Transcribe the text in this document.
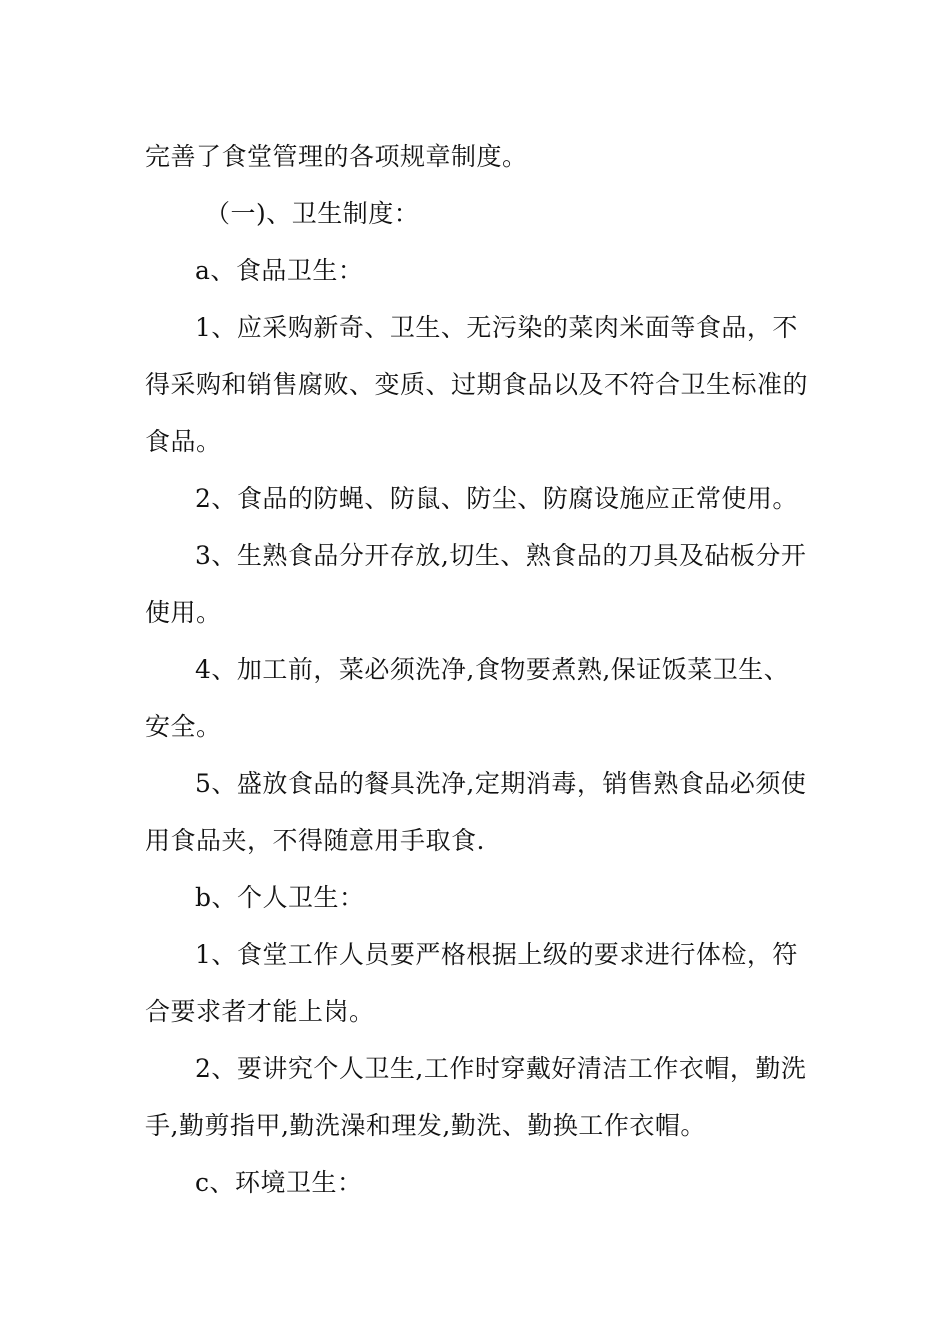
完善了食堂管理的各项规章制度。

（一)、卫生制度：

a、食品卫生：

1、应采购新奇、卫生、无污染的菜肉米面等食品，不得采购和销售腐败、变质、过期食品以及不符合卫生标准的食品。

2、食品的防蝇、防鼠、防尘、防腐设施应正常使用。

3、生熟食品分开存放,切生、熟食品的刀具及砧板分开使用。

4、加工前，菜必须洗净,食物要煮熟,保证饭菜卫生、安全。

5、盛放食品的餐具洗净,定期消毒，销售熟食品必须使用食品夹，不得随意用手取食.

b、个人卫生：

1、食堂工作人员要严格根据上级的要求进行体检，符合要求者才能上岗。

2、要讲究个人卫生,工作时穿戴好清洁工作衣帽，勤洗手,勤剪指甲,勤洗澡和理发,勤洗、勤换工作衣帽。

c、环境卫生：
